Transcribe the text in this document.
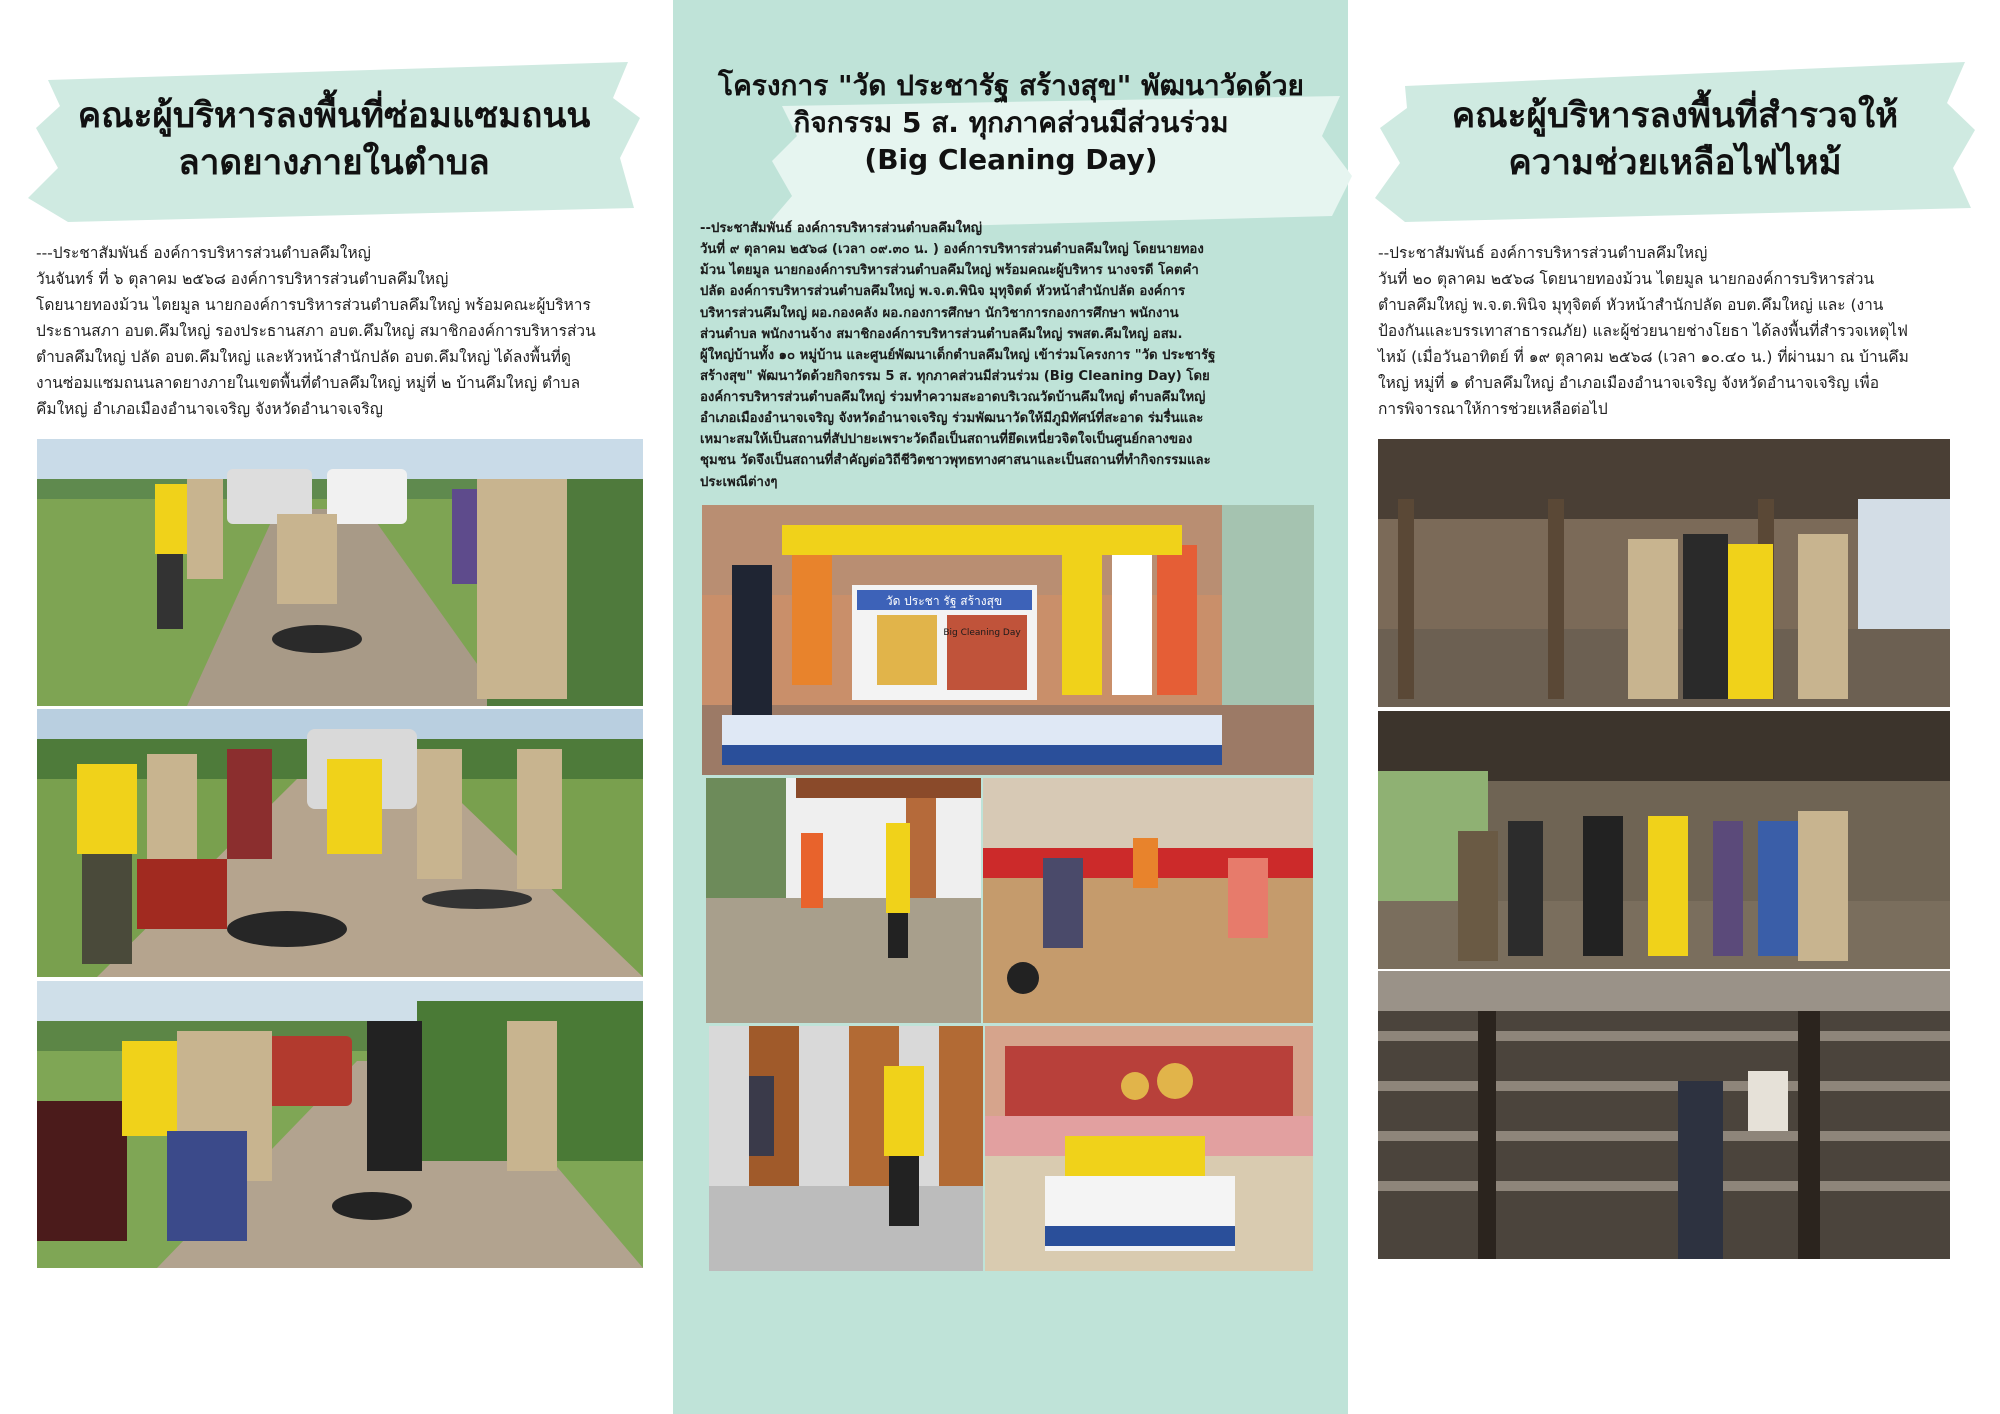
คณะผู้บริหารลงพื้นที่ซ่อมแซมถนน
ลาดยางภายในตำบล
---ประชาสัมพันธ์ องค์การบริหารส่วนตำบลคึมใหญ่
วันจันทร์ ที่ ๖ ตุลาคม ๒๕๖๘ องค์การบริหารส่วนตำบลคึมใหญ่
โดยนายทองม้วน ไตยมูล นายกองค์การบริหารส่วนตำบลคึมใหญ่ พร้อมคณะผู้บริหาร
ประธานสภา อบต.คึมใหญ่ รองประธานสภา อบต.คึมใหญ่ สมาชิกองค์การบริหารส่วน
ตำบลคึมใหญ่ ปลัด อบต.คึมใหญ่ และหัวหน้าสำนักปลัด อบต.คึมใหญ่ ได้ลงพื้นที่ดู
งานซ่อมแซมถนนลาดยางภายในเขตพื้นที่ตำบลคึมใหญ่ หมู่ที่ ๒ บ้านคึมใหญ่ ตำบล
คึมใหญ่ อำเภอเมืองอำนาจเจริญ จังหวัดอำนาจเจริญ
โครงการ "วัด ประชารัฐ สร้างสุข" พัฒนาวัดด้วย
กิจกรรม 5 ส. ทุกภาคส่วนมีส่วนร่วม
(Big Cleaning Day)
--ประชาสัมพันธ์ องค์การบริหารส่วนตำบลคึมใหญ่
วันที่ ๙ ตุลาคม ๒๕๖๘ (เวลา ๐๙.๓๐ น. ) องค์การบริหารส่วนตำบลคึมใหญ่ โดยนายทอง
ม้วน ไตยมูล นายกองค์การบริหารส่วนตำบลคึมใหญ่ พร้อมคณะผู้บริหาร นางจรดี โคตคำ
ปลัด องค์การบริหารส่วนตำบลคึมใหญ่ พ.จ.ต.พินิจ มุทุจิตต์ หัวหน้าสำนักปลัด องค์การ
บริหารส่วนคึมใหญ่ ผอ.กองคลัง ผอ.กองการศึกษา นักวิชาการกองการศึกษา พนักงาน
ส่วนตำบล พนักงานจ้าง สมาชิกองค์การบริหารส่วนตำบลคึมใหญ่ รพสต.คึมใหญ่ อสม.
ผู้ใหญ่บ้านทั้ง ๑๐ หมู่บ้าน และศูนย์พัฒนาเด็กตำบลคึมใหญ่ เข้าร่วมโครงการ "วัด ประชารัฐ
สร้างสุข" พัฒนาวัดด้วยกิจกรรม 5 ส. ทุกภาคส่วนมีส่วนร่วม (Big Cleaning Day) โดย
องค์การบริหารส่วนตำบลคึมใหญ่ ร่วมทำความสะอาดบริเวณวัดบ้านคึมใหญ่ ตำบลคึมใหญ่
อำเภอเมืองอำนาจเจริญ จังหวัดอำนาจเจริญ ร่วมพัฒนาวัดให้มีภูมิทัศน์ที่สะอาด ร่มรื่นและ
เหมาะสมให้เป็นสถานที่สัปปายะเพราะวัดถือเป็นสถานที่ยึดเหนี่ยวจิตใจเป็นศูนย์กลางของ
ชุมชน วัดจึงเป็นสถานที่สำคัญต่อวิถีชีวิตชาวพุทธทางศาสนาและเป็นสถานที่ทำกิจกรรมและ
ประเพณีต่างๆ
วัด ประชา รัฐ สร้างสุข
Big Cleaning Day
คณะผู้บริหารลงพื้นที่สำรวจให้
ความช่วยเหลือไฟไหม้
--ประชาสัมพันธ์ องค์การบริหารส่วนตำบลคึมใหญ่
วันที่ ๒๐ ตุลาคม ๒๕๖๘ โดยนายทองม้วน ไตยมูล นายกองค์การบริหารส่วน
ตำบลคึมใหญ่ พ.จ.ต.พินิจ มุทุจิตต์ หัวหน้าสำนักปลัด อบต.คึมใหญ่ และ (งาน
ป้องกันและบรรเทาสาธารณภัย) และผู้ช่วยนายช่างโยธา ได้ลงพื้นที่สำรวจเหตุไฟ
ไหม้ (เมื่อวันอาทิตย์ ที่ ๑๙ ตุลาคม ๒๕๖๘ (เวลา ๑๐.๔๐ น.) ที่ผ่านมา ณ บ้านคึม
ใหญ่ หมู่ที่ ๑ ตำบลคึมใหญ่ อำเภอเมืองอำนาจเจริญ จังหวัดอำนาจเจริญ เพื่อ
การพิจารณาให้การช่วยเหลือต่อไป
